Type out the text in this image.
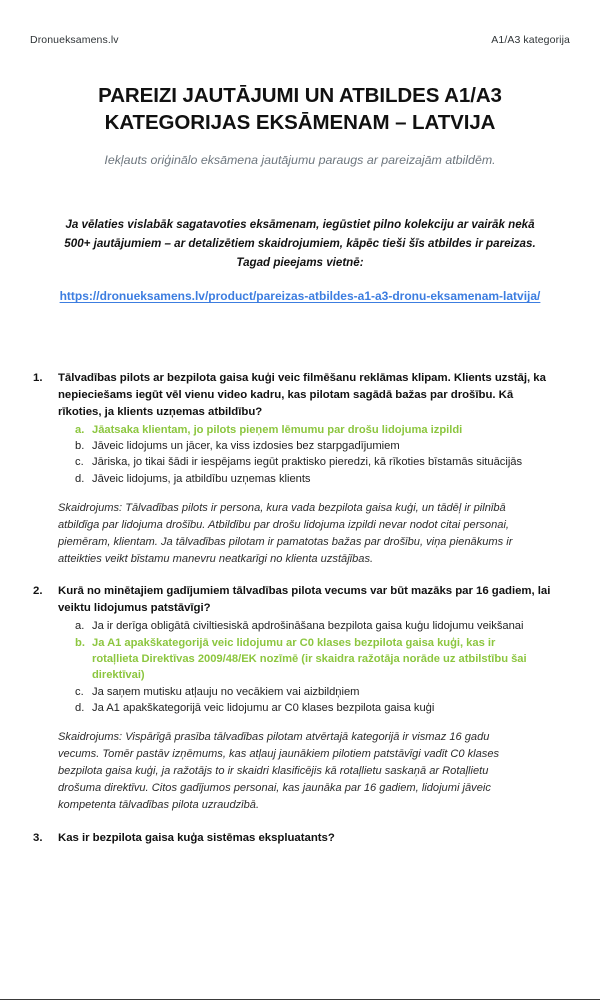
Dronueksamens.lv	A1/A3 kategorija
PAREIZI JAUTĀJUMI UN ATBILDES A1/A3 KATEGORIJAS EKSĀMENAM – LATVIJA

Iekļauts oriģinālo eksāmena jautājumu paraugs ar pareizajām atbildēm.

Ja vēlaties vislabāk sagatavoties eksāmenam, iegūstiet pilno kolekciju ar vairāk nekā 500+ jautājumiem – ar detalizētiem skaidrojumiem, kāpēc tieši šīs atbildes ir pareizas. Tagad pieejams vietnē:

https://dronueksamens.lv/product/pareizas-atbildes-a1-a3-dronu-eksamenam-latvija/

1.	Tālvadības pilots ar bezpilota gaisa kuģi veic filmēšanu reklāmas klipam. Klients uzstāj, ka nepieciešams iegūt vēl vienu video kadru, kas pilotam sagādā bažas par drošību. Kā rīkoties, ja klients uzņemas atbildību?
a. Jāatsaka klientam, jo pilots pieņem lēmumu par drošu lidojuma izpildi
b. Jāveic lidojums un jācer, ka viss izdosies bez starpgadījumiem
c. Jāriska, jo tikai šādi ir iespējams iegūt praktisko pieredzi, kā rīkoties bīstamās situācijās
d. Jāveic lidojums, ja atbildību uzņemas klients

Skaidrojums: Tālvadības pilots ir persona, kura vada bezpilota gaisa kuģi, un tādēļ ir pilnībā atbildīga par lidojuma drošību. Atbildību par drošu lidojuma izpildi nevar nodot citai personai, piemēram, klientam. Ja tālvadības pilotam ir pamatotas bažas par drošību, viņa pienākums ir atteikties veikt bīstamu manevru neatkarīgi no klienta uzstājības.

2.	Kurā no minētajiem gadījumiem tālvadības pilota vecums var būt mazāks par 16 gadiem, lai veiktu lidojumus patstāvīgi?
a. Ja ir derīga obligātā civiltiesiskā apdrošināšana bezpilota gaisa kuģu lidojumu veikšanai
b. Ja A1 apakškategorijā veic lidojumu ar C0 klases bezpilota gaisa kuģi, kas ir rotaļlieta Direktīvas 2009/48/EK nozīmē (ir skaidra ražotāja norāde uz atbilstību šai direktīvai)
c. Ja saņem mutisku atļauju no vecākiem vai aizbildņiem
d. Ja A1 apakškategorijā veic lidojumu ar C0 klases bezpilota gaisa kuģi

Skaidrojums: Vispārīgā prasība tālvadības pilotam atvērtajā kategorijā ir vismaz 16 gadu vecums. Tomēr pastāv izņēmums, kas atļauj jaunākiem pilotiem patstāvīgi vadīt C0 klases bezpilota gaisa kuģi, ja ražotājs to ir skaidri klasificējis kā rotaļlietu saskaņā ar Rotaļlietu drošuma direktīvu. Citos gadījumos personai, kas jaunāka par 16 gadiem, lidojumi jāveic kompetenta tālvadības pilota uzraudzībā.

3.	Kas ir bezpilota gaisa kuģa sistēmas ekspluatants?
